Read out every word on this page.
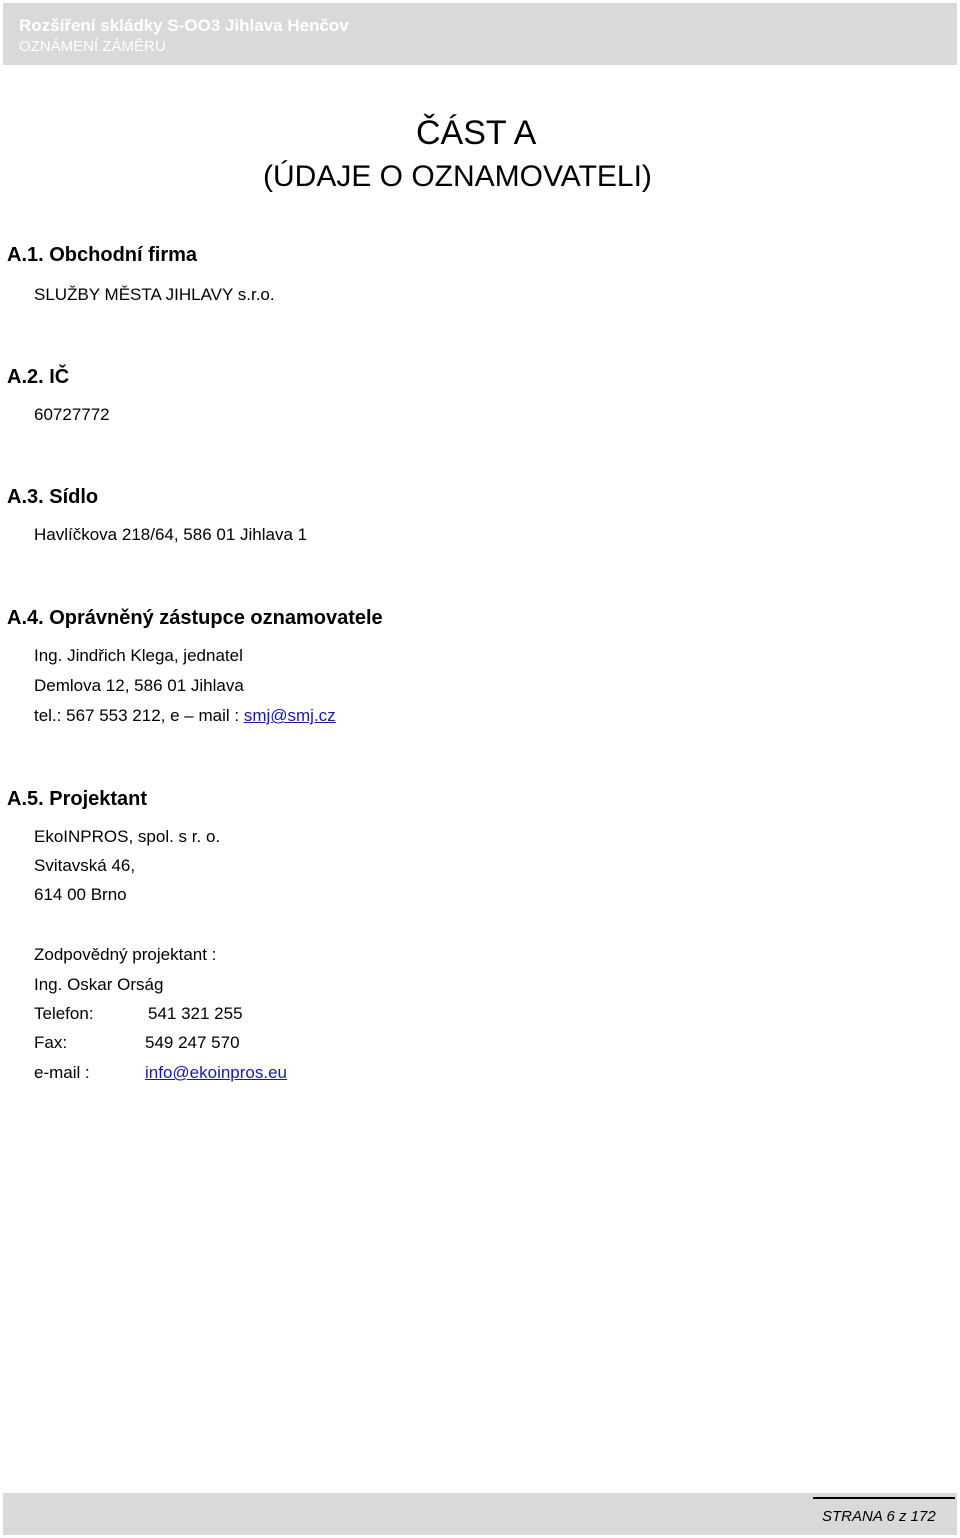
Rozšíření skládky S-OO3 Jihlava Henčov
OZNÁMENÍ ZÁMĚRU
ČÁST A
(ÚDAJE O OZNAMOVATELI)
A.1. Obchodní firma
SLUŽBY MĚSTA JIHLAVY s.r.o.
A.2. IČ
60727772
A.3. Sídlo
Havlíčkova 218/64, 586 01 Jihlava 1
A.4. Oprávněný zástupce oznamovatele
Ing. Jindřich Klega, jednatel
Demlova 12, 586 01 Jihlava
tel.: 567 553 212, e – mail : smj@smj.cz
A.5. Projektant
EkoINPROS, spol. s r. o.
Svitavská 46,
614 00 Brno
Zodpovědný projektant :
Ing. Oskar Orság
Telefon:	541 321 255
Fax:	549 247 570
e-mail :	info@ekoinpros.eu
STRANA 6 z 172
